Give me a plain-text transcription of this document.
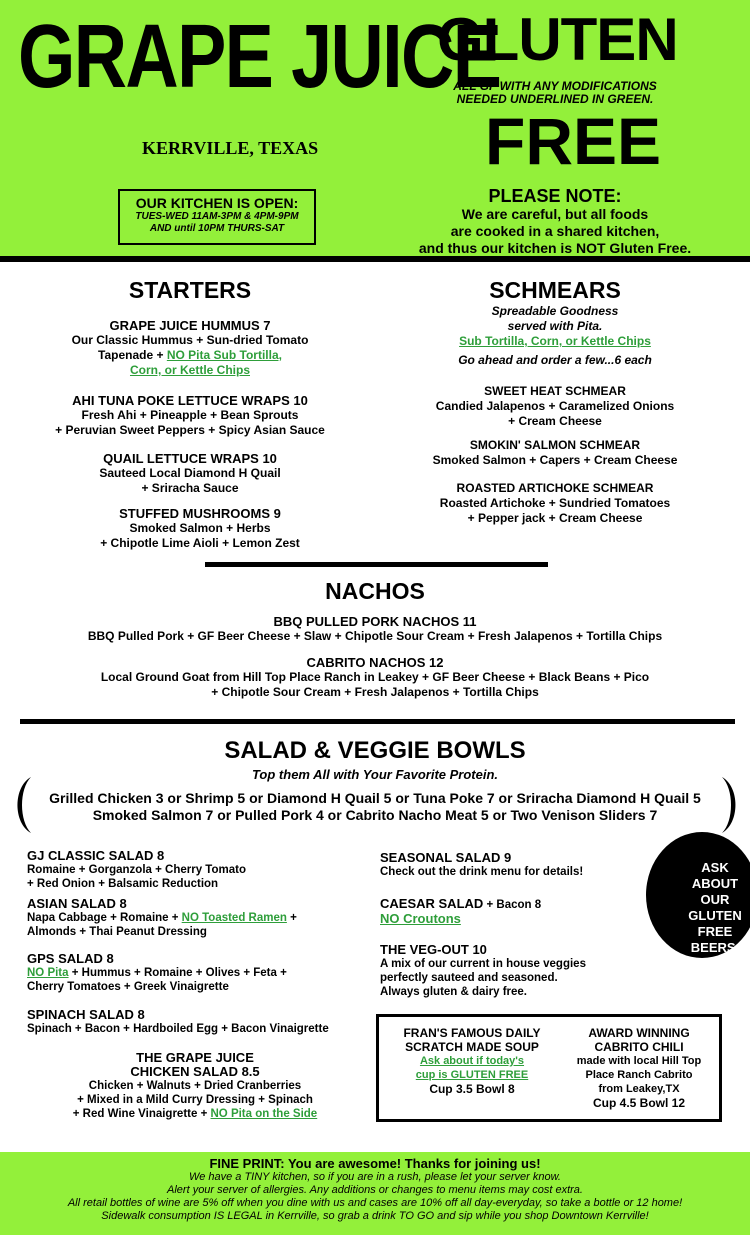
GRAPE JUICE
KERRVILLE, TEXAS
OUR KITCHEN IS OPEN:
TUES-WED 11AM-3PM & 4PM-9PM
AND until 10PM THURS-SAT
GLUTEN
ALL GF WITH ANY MODIFICATIONS
NEEDED UNDERLINED IN GREEN.
FREE
PLEASE NOTE:
We are careful, but all foods
are cooked in a shared kitchen,
and thus our kitchen is NOT Gluten Free.
STARTERS
GRAPE JUICE HUMMUS 7
Our Classic Hummus + Sun-dried Tomato
Tapenade + NO Pita Sub Tortilla,
Corn, or Kettle Chips
AHI TUNA POKE LETTUCE WRAPS 10
Fresh Ahi + Pineapple + Bean Sprouts
+ Peruvian Sweet Peppers + Spicy Asian Sauce
QUAIL LETTUCE WRAPS 10
Sauteed Local Diamond H Quail
+ Sriracha Sauce
STUFFED MUSHROOMS 9
Smoked Salmon + Herbs
+ Chipotle Lime Aioli + Lemon Zest
SCHMEARS
Spreadable Goodness
served with Pita.
Sub Tortilla, Corn, or Kettle Chips
Go ahead and order a few...6 each
SWEET HEAT SCHMEAR
Candied Jalapenos + Caramelized Onions
+ Cream Cheese
SMOKIN' SALMON SCHMEAR
Smoked Salmon + Capers + Cream Cheese
ROASTED ARTICHOKE SCHMEAR
Roasted Artichoke + Sundried Tomatoes
+ Pepper jack + Cream Cheese
NACHOS
BBQ PULLED PORK NACHOS 11
BBQ Pulled Pork + GF Beer Cheese + Slaw + Chipotle Sour Cream + Fresh Jalapenos + Tortilla Chips
CABRITO NACHOS 12
Local Ground Goat from Hill Top Place Ranch in Leakey + GF Beer Cheese + Black Beans + Pico
+ Chipotle Sour Cream + Fresh Jalapenos + Tortilla Chips
SALAD & VEGGIE BOWLS
Top them All with Your Favorite Protein.
Grilled Chicken 3 or Shrimp 5 or Diamond H Quail 5 or Tuna Poke 7 or Sriracha Diamond H Quail 5
Smoked Salmon 7 or Pulled Pork 4 or Cabrito Nacho Meat 5 or Two Venison Sliders 7
GJ CLASSIC SALAD 8
Romaine + Gorganzola + Cherry Tomato
+ Red Onion + Balsamic Reduction
ASIAN SALAD 8
Napa Cabbage + Romaine + NO Toasted Ramen +
Almonds + Thai Peanut Dressing
GPS SALAD 8
NO Pita + Hummus + Romaine + Olives + Feta +
Cherry Tomatoes + Greek Vinaigrette
SPINACH SALAD 8
Spinach + Bacon + Hardboiled Egg + Bacon Vinaigrette
THE GRAPE JUICE
CHICKEN SALAD 8.5
Chicken + Walnuts + Dried Cranberries
+ Mixed in a Mild Curry Dressing + Spinach
+ Red Wine Vinaigrette + NO Pita on the Side
SEASONAL SALAD 9
Check out the drink menu for details!
CAESAR SALAD + Bacon 8
NO Croutons
THE VEG-OUT 10
A mix of our current in house veggies
perfectly sauteed and seasoned.
Always gluten & dairy free.
ASK
ABOUT
OUR
GLUTEN
FREE
BEERS.
FRAN'S FAMOUS DAILY
SCRATCH MADE SOUP
Ask about if today's
cup is GLUTEN FREE
Cup 3.5 Bowl 8
AWARD WINNING
CABRITO CHILI
made with local Hill Top
Place Ranch Cabrito
from Leakey,TX
Cup 4.5 Bowl 12
FINE PRINT: You are awesome! Thanks for joining us!
We have a TINY kitchen, so if you are in a rush, please let your server know.
Alert your server of allergies. Any additions or changes to menu items may cost extra.
All retail bottles of wine are 5% off when you dine with us and cases are 10% off all day-everyday, so take a bottle or 12 home!
Sidewalk consumption IS LEGAL in Kerrville, so grab a drink TO GO and sip while you shop Downtown Kerrville!
